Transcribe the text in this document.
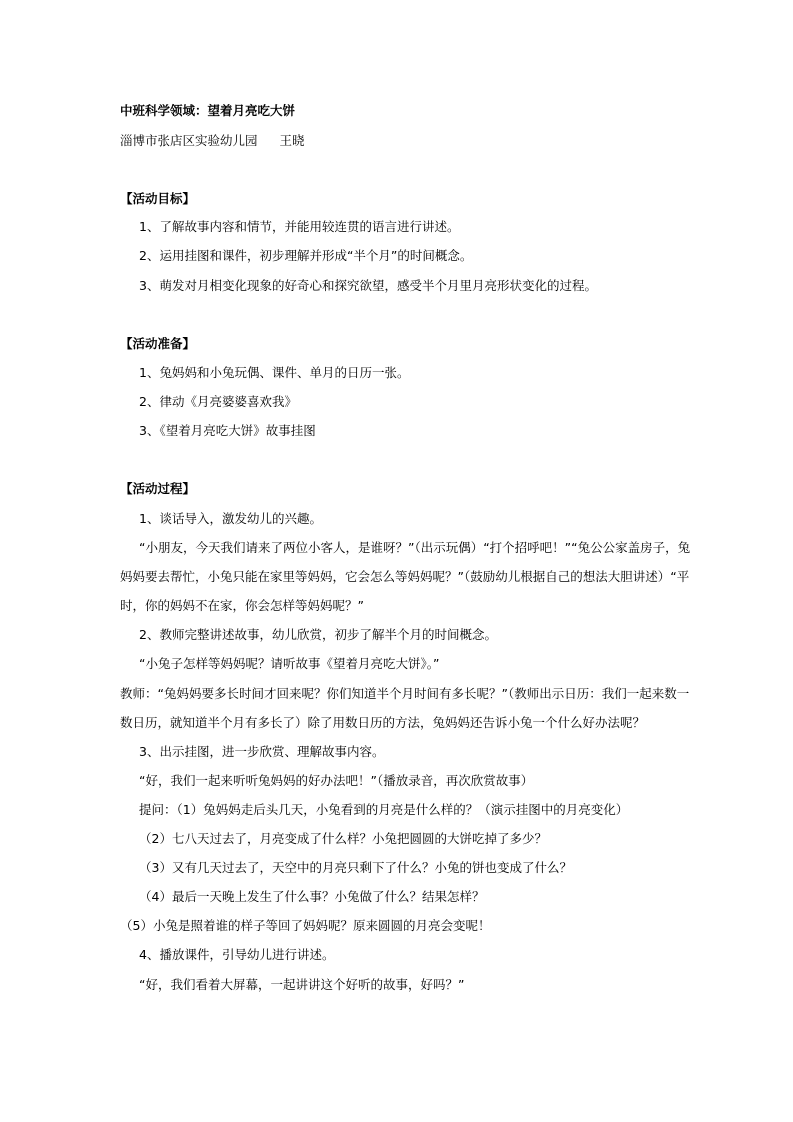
中班科学领域：望着月亮吃大饼
淄博市张店区实验幼儿园 王晓
【活动目标】
1、了解故事内容和情节，并能用较连贯的语言进行讲述。
2、运用挂图和课件，初步理解并形成“半个月”的时间概念。
3、萌发对月相变化现象的好奇心和探究欲望，感受半个月里月亮形状变化的过程。
【活动准备】
1、兔妈妈和小兔玩偶、课件、单月的日历一张。
2、律动《月亮婆婆喜欢我》
3、《望着月亮吃大饼》故事挂图
【活动过程】
1、谈话导入，激发幼儿的兴趣。
“小朋友，今天我们请来了两位小客人，是谁呀？”（出示玩偶）“打个招呼吧！”“兔公公家盖房子，兔
妈妈要去帮忙，小兔只能在家里等妈妈，它会怎么等妈妈呢？”（鼓励幼儿根据自己的想法大胆讲述）“平
时，你的妈妈不在家，你会怎样等妈妈呢？”
2、教师完整讲述故事，幼儿欣赏，初步了解半个月的时间概念。
“小兔子怎样等妈妈呢？请听故事《望着月亮吃大饼》。”
教师：“兔妈妈要多长时间才回来呢？你们知道半个月时间有多长呢？”（教师出示日历：我们一起来数一
数日历，就知道半个月有多长了）除了用数日历的方法，兔妈妈还告诉小兔一个什么好办法呢？
3、出示挂图，进一步欣赏、理解故事内容。
“好，我们一起来听听兔妈妈的好办法吧！”（播放录音，再次欣赏故事）
提问：（1）兔妈妈走后头几天，小兔看到的月亮是什么样的？（演示挂图中的月亮变化）
（2）七八天过去了，月亮变成了什么样？小兔把圆圆的大饼吃掉了多少？
（3）又有几天过去了，天空中的月亮只剩下了什么？小兔的饼也变成了什么？
（4）最后一天晚上发生了什么事？小兔做了什么？结果怎样？
（5）小兔是照着谁的样子等回了妈妈呢？原来圆圆的月亮会变呢！
4、播放课件，引导幼儿进行讲述。
“好，我们看着大屏幕，一起讲讲这个好听的故事，好吗？”
